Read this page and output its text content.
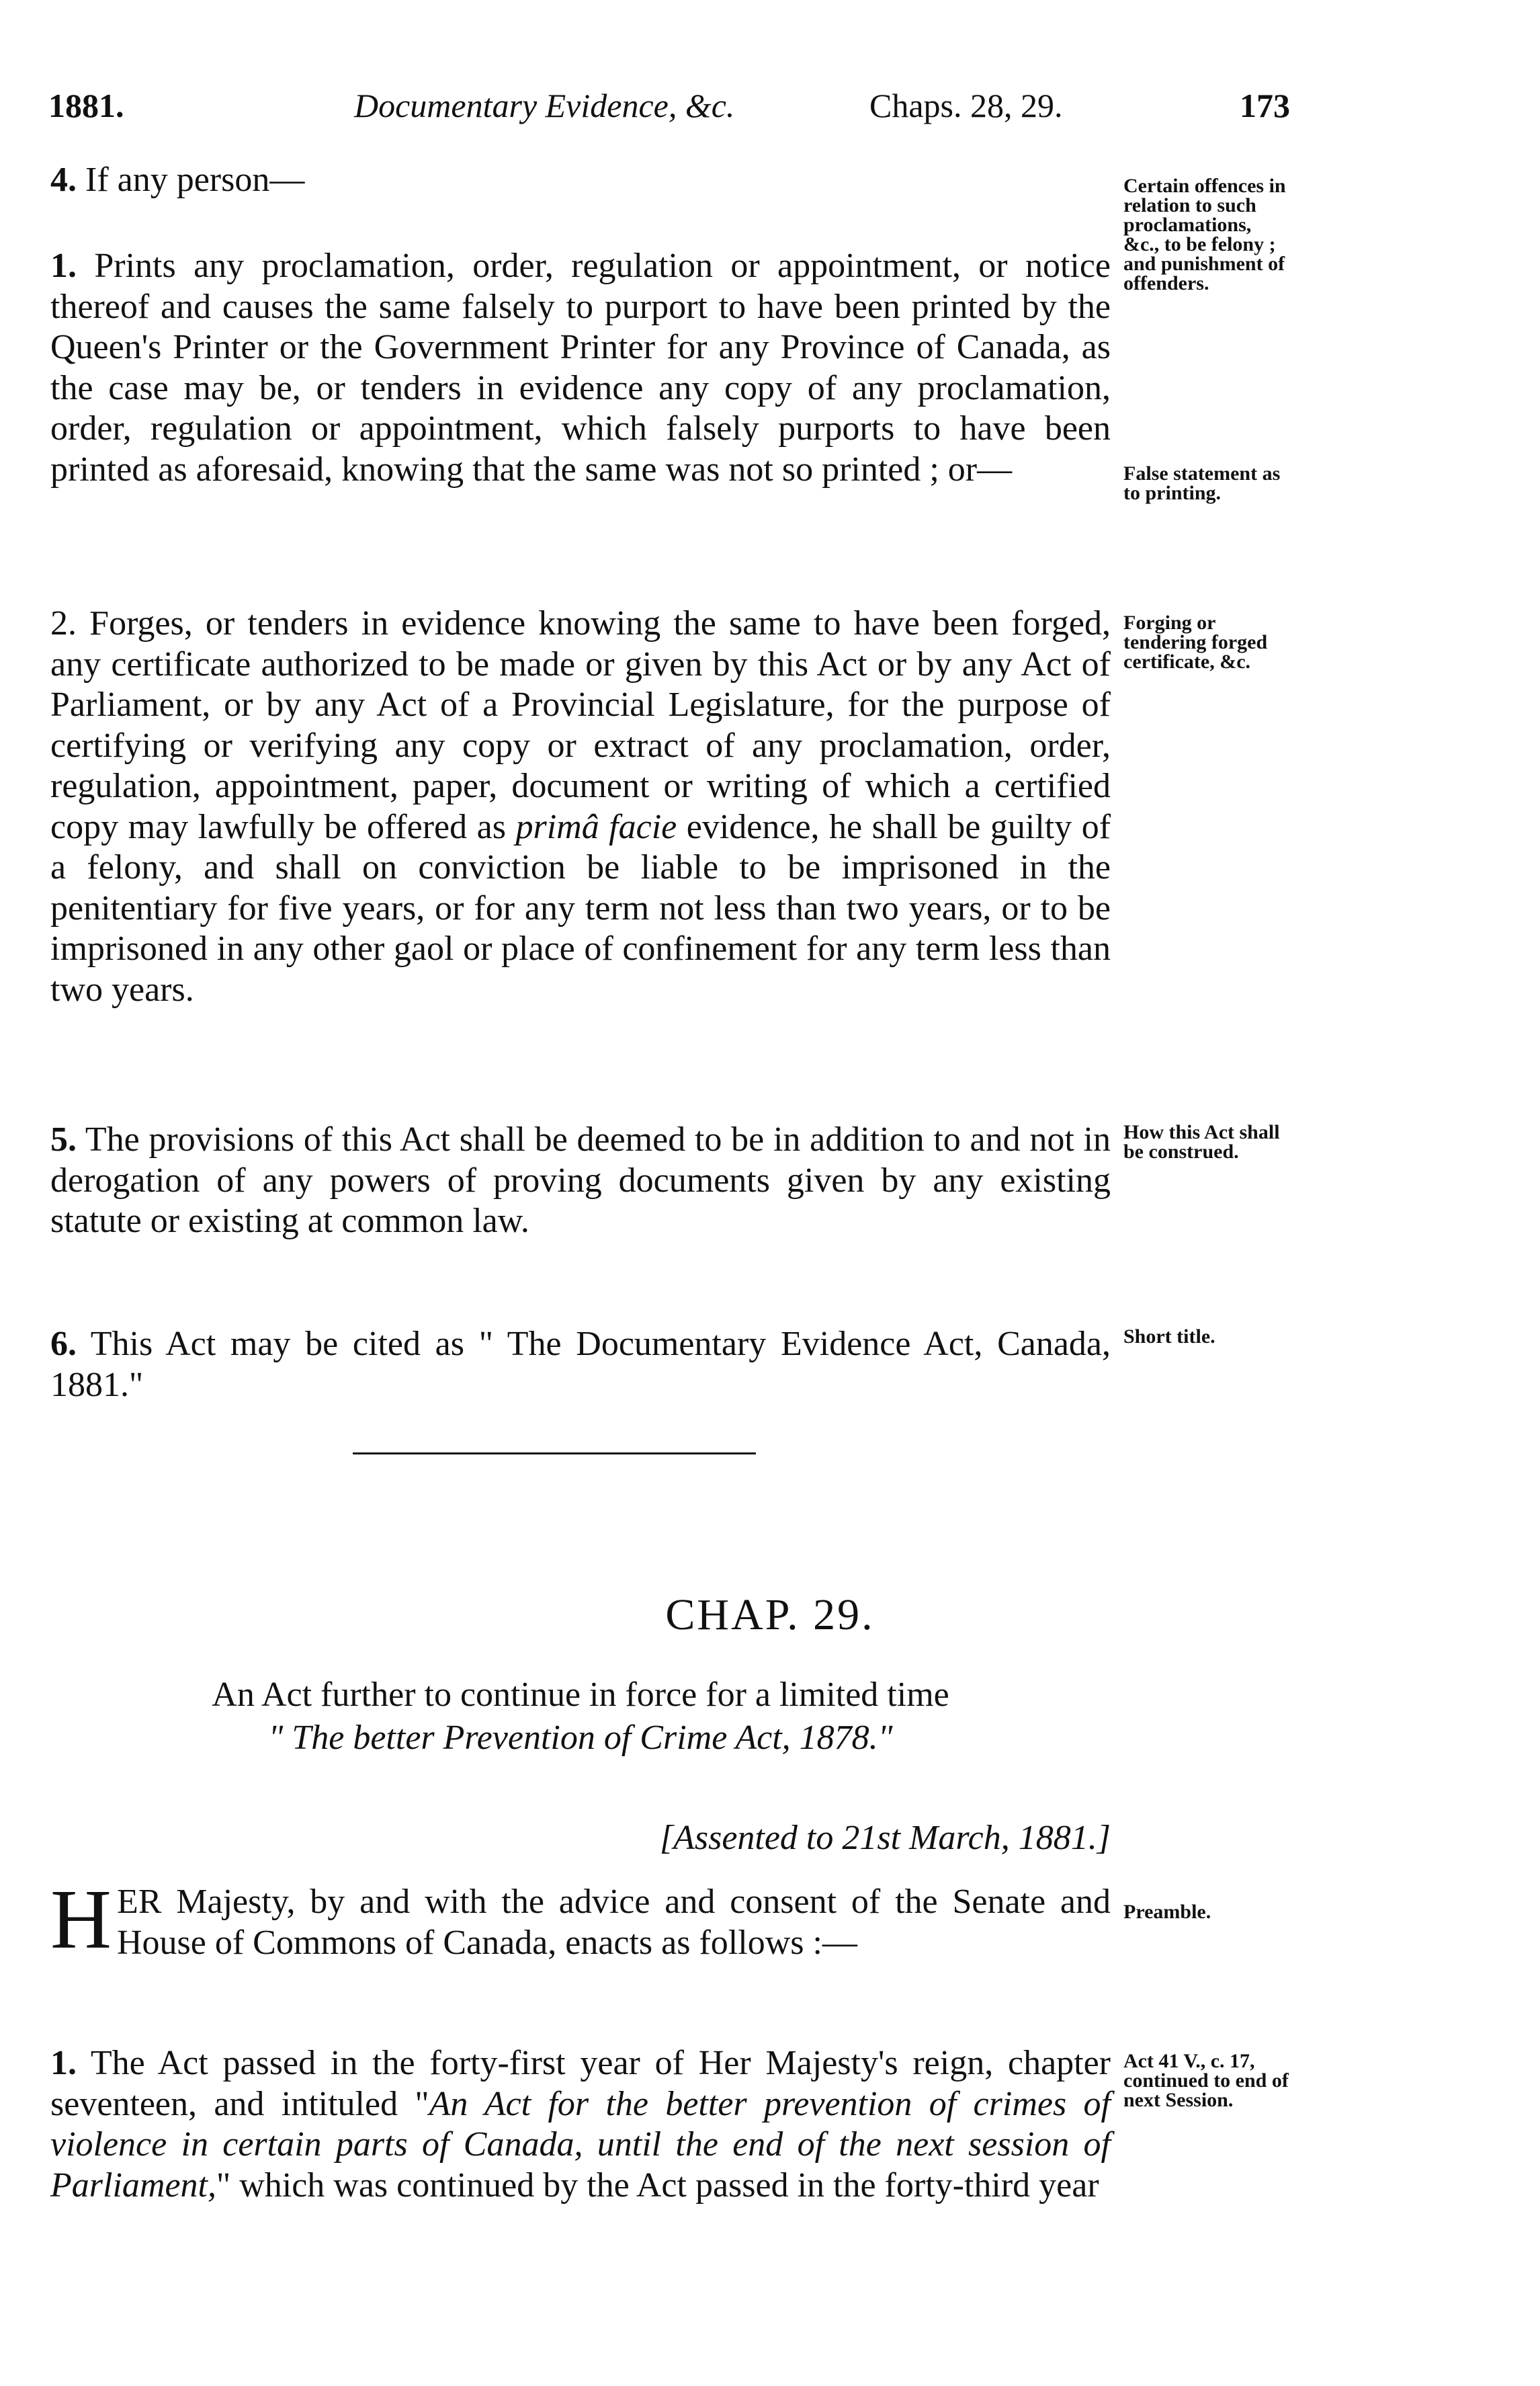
1881.	Documentary Evidence, &c.	Chaps. 28, 29.	173

4. If any person—

1. Prints any proclamation, order, regulation or appointment, or notice thereof and causes the same falsely to purport to have been printed by the Queen's Printer or the Government Printer for any Province of Canada, as the case may be, or tenders in evidence any copy of any proclamation, order, regulation or appointment, which falsely purports to have been printed as aforesaid, knowing that the same was not so printed ; or—

2. Forges, or tenders in evidence knowing the same to have been forged, any certificate authorized to be made or given by this Act or by any Act of Parliament, or by any Act of a Provincial Legislature, for the purpose of certifying or verifying any copy or extract of any proclamation, order, regulation, appointment, paper, document or writing of which a certified copy may lawfully be offered as primâ facie evidence, he shall be guilty of a felony, and shall on conviction be liable to be imprisoned in the penitentiary for five years, or for any term not less than two years, or to be imprisoned in any other gaol or place of confinement for any term less than two years.

5. The provisions of this Act shall be deemed to be in addition to and not in derogation of any powers of proving documents given by any existing statute or existing at common law.

6. This Act may be cited as " The Documentary Evidence Act, Canada, 1881."

CHAP. 29.
An Act further to continue in force for a limited time
" The better Prevention of Crime Act, 1878."
[Assented to 21st March, 1881.]

HER Majesty, by and with the advice and consent of the Senate and House of Commons of Canada, enacts as follows :—

1. The Act passed in the forty-first year of Her Majesty's reign, chapter seventeen, and intituled "An Act for the better prevention of crimes of violence in certain parts of Canada, until the end of the next session of Parliament," which was continued by the Act passed in the forty-third year

Certain offences in relation to such proclamations, &c., to be felony ; and punishment of offenders.
False statement as to printing.
Forging or tendering forged certificate, &c.
How this Act shall be construed.
Short title.
Preamble.
Act 41 V., c. 17, continued to end of next Session.
